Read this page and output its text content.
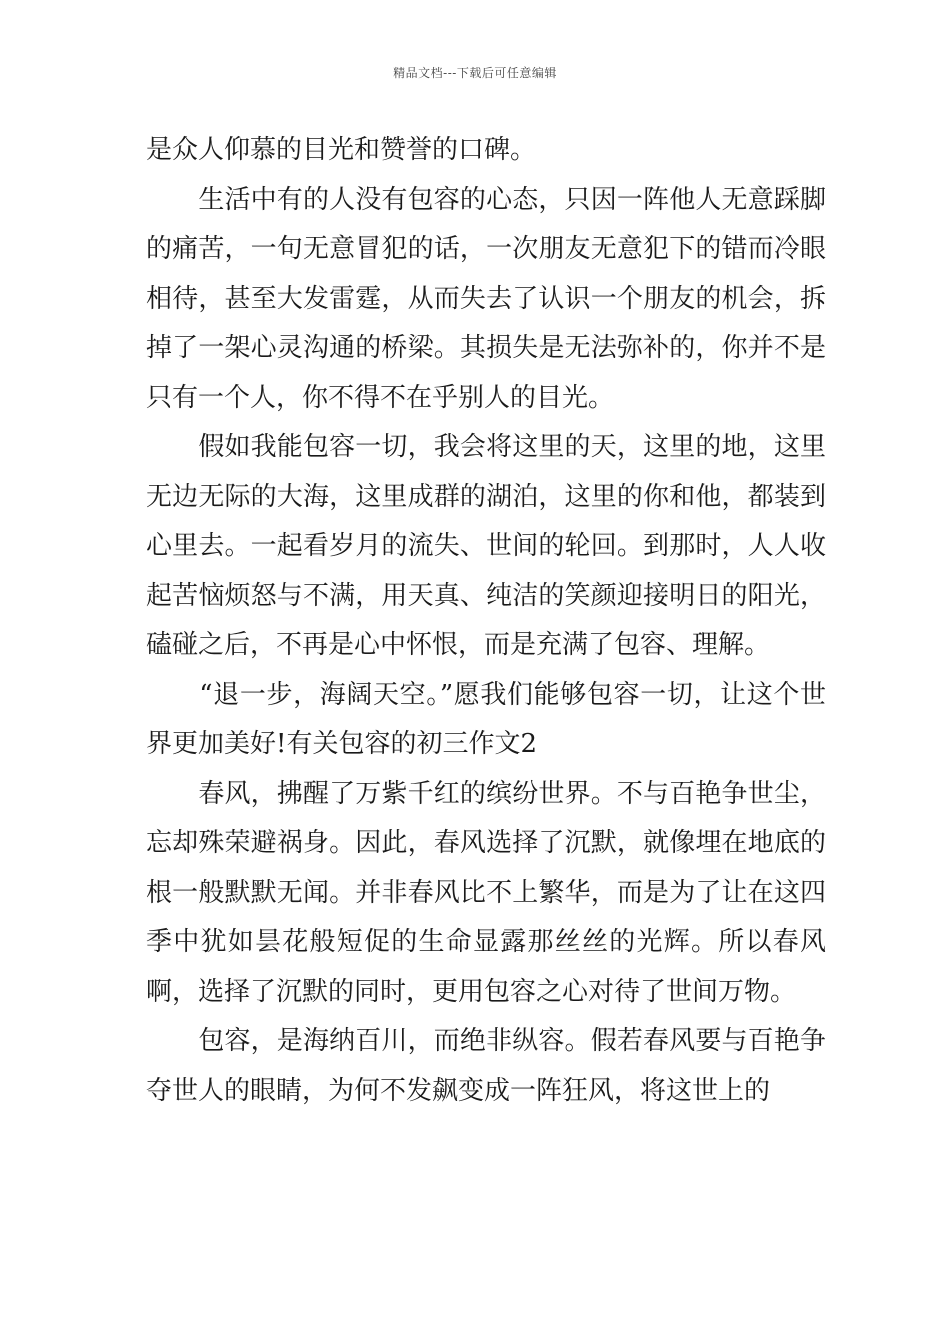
精品文档---下载后可任意编辑

是众人仰慕的目光和赞誉的口碑。

　　生活中有的人没有包容的心态，只因一阵他人无意踩脚的痛苦，一句无意冒犯的话，一次朋友无意犯下的错而冷眼相待，甚至大发雷霆，从而失去了认识一个朋友的机会，拆掉了一架心灵沟通的桥梁。其损失是无法弥补的，你并不是只有一个人，你不得不在乎别人的目光。

　　假如我能包容一切，我会将这里的天，这里的地，这里无边无际的大海，这里成群的湖泊，这里的你和他，都装到心里去。一起看岁月的流失、世间的轮回。到那时，人人收起苦恼烦怒与不满，用天真、纯洁的笑颜迎接明日的阳光，磕碰之后，不再是心中怀恨，而是充满了包容、理解。

　　“退一步，海阔天空。”愿我们能够包容一切，让这个世界更加美好!有关包容的初三作文2

　　春风，拂醒了万紫千红的缤纷世界。不与百艳争世尘，忘却殊荣避祸身。因此，春风选择了沉默，就像埋在地底的根一般默默无闻。并非春风比不上繁华，而是为了让在这四季中犹如昙花般短促的生命显露那丝丝的光辉。所以春风啊，选择了沉默的同时，更用包容之心对待了世间万物。

　　包容，是海纳百川，而绝非纵容。假若春风要与百艳争夺世人的眼睛，为何不发飙变成一阵狂风，将这世上的
